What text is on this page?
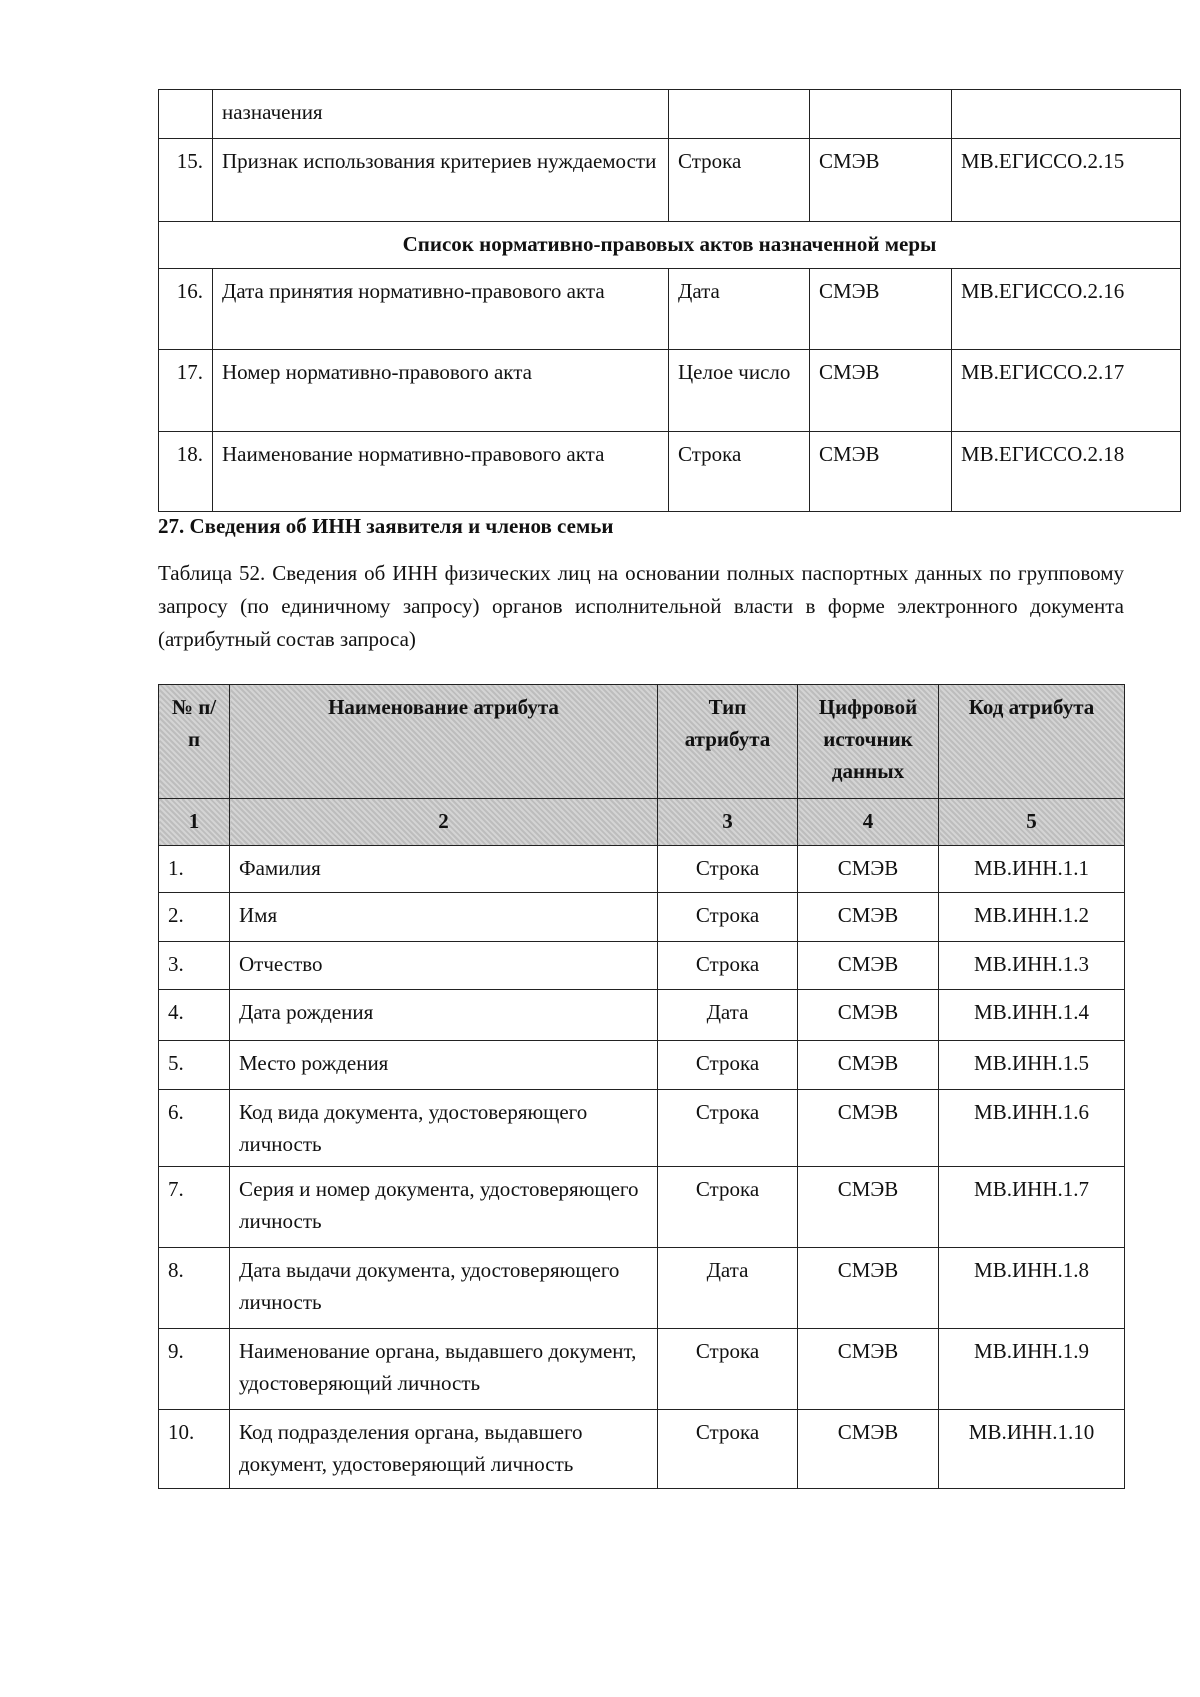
	назначения			
15.	Признак использования критериев нуждаемости	Строка	СМЭВ	МВ.ЕГИССО.2.15
Список нормативно-правовых актов назначенной меры				
16.	Дата принятия нормативно-правового акта	Дата	СМЭВ	МВ.ЕГИССО.2.16
17.	Номер нормативно-правового акта	Целое число	СМЭВ	МВ.ЕГИССО.2.17
18.	Наименование нормативно-правового акта	Строка	СМЭВ	МВ.ЕГИССО.2.18
27. Сведения об ИНН заявителя и членов семьи
Таблица 52. Сведения об ИНН физических лиц на основании полных паспортных данных по групповому запросу (по единичному запросу) органов исполнительной власти в форме электронного документа (атрибутный состав запроса)
№ п/п	Наименование атрибута	Тип атрибута	Цифровой источник данных	Код атрибута
1	2	3	4	5
1.	Фамилия	Строка	СМЭВ	МВ.ИНН.1.1
2.	Имя	Строка	СМЭВ	МВ.ИНН.1.2
3.	Отчество	Строка	СМЭВ	МВ.ИНН.1.3
4.	Дата рождения	Дата	СМЭВ	МВ.ИНН.1.4
5.	Место рождения	Строка	СМЭВ	МВ.ИНН.1.5
6.	Код вида документа, удостоверяющего личность	Строка	СМЭВ	МВ.ИНН.1.6
7.	Серия и номер документа, удостоверяющего личность	Строка	СМЭВ	МВ.ИНН.1.7
8.	Дата выдачи документа, удостоверяющего личность	Дата	СМЭВ	МВ.ИНН.1.8
9.	Наименование органа, выдавшего документ, удостоверяющий личность	Строка	СМЭВ	МВ.ИНН.1.9
10.	Код подразделения органа, выдавшего документ, удостоверяющий личность	Строка	СМЭВ	МВ.ИНН.1.10
